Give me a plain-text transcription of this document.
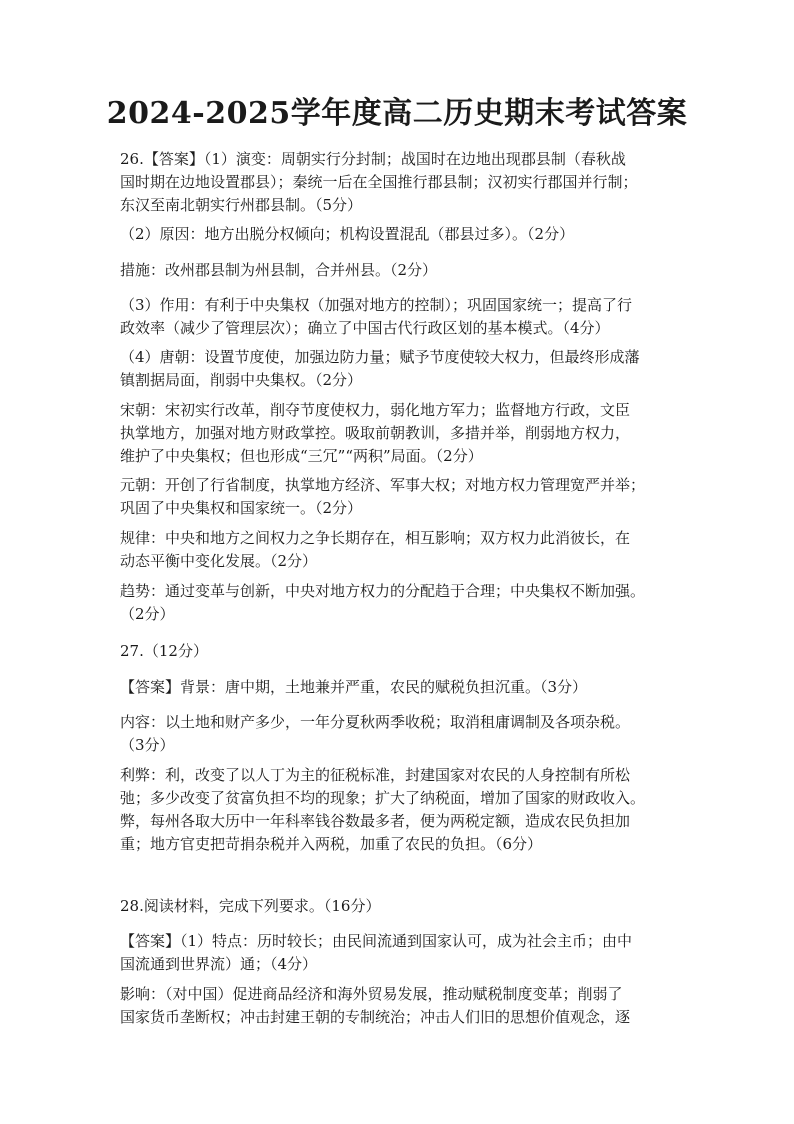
2024-2025学年度高二历史期末考试答案
26.【答案】（1）演变：周朝实行分封制；战国时在边地出现郡县制（春秋战
国时期在边地设置郡县）；秦统一后在全国推行郡县制；汉初实行郡国并行制；
东汉至南北朝实行州郡县制。（5分）
（2）原因：地方出脱分权倾向；机构设置混乱（郡县过多）。（2分）
措施：改州郡县制为州县制，合并州县。（2分）
（3）作用：有利于中央集权（加强对地方的控制）；巩固国家统一；提高了行
政效率（减少了管理层次）；确立了中国古代行政区划的基本模式。（4分）
（4）唐朝：设置节度使，加强边防力量；赋予节度使较大权力，但最终形成藩
镇割据局面，削弱中央集权。（2分）
宋朝：宋初实行改革，削夺节度使权力，弱化地方军力；监督地方行政，文臣
执掌地方，加强对地方财政掌控。吸取前朝教训，多措并举，削弱地方权力，
维护了中央集权；但也形成“三冗”“两积”局面。（2分）
元朝：开创了行省制度，执掌地方经济、军事大权；对地方权力管理宽严并举；
巩固了中央集权和国家统一。（2分）
规律：中央和地方之间权力之争长期存在，相互影响；双方权力此消彼长，在
动态平衡中变化发展。（2分）
趋势：通过变革与创新，中央对地方权力的分配趋于合理；中央集权不断加强。
（2分）
27.（12分）
【答案】背景：唐中期，土地兼并严重，农民的赋税负担沉重。（3分）
内容：以土地和财产多少，一年分夏秋两季收税；取消租庸调制及各项杂税。
（3分）
利弊：利，改变了以人丁为主的征税标准，封建国家对农民的人身控制有所松
弛；多少改变了贫富负担不均的现象；扩大了纳税面，增加了国家的财政收入。
弊，每州各取大历中一年科率钱谷数最多者，便为两税定额，造成农民负担加
重；地方官吏把苛捐杂税并入两税，加重了农民的负担。（6分）
28.阅读材料，完成下列要求。（16分）
【答案】（1）特点：历时较长；由民间流通到国家认可，成为社会主币；由中
国流通到世界流）通；（4分）
影响：（对中国）促进商品经济和海外贸易发展，推动赋税制度变革；削弱了
国家货币垄断权；冲击封建王朝的专制统治；冲击人们旧的思想价值观念，逐
